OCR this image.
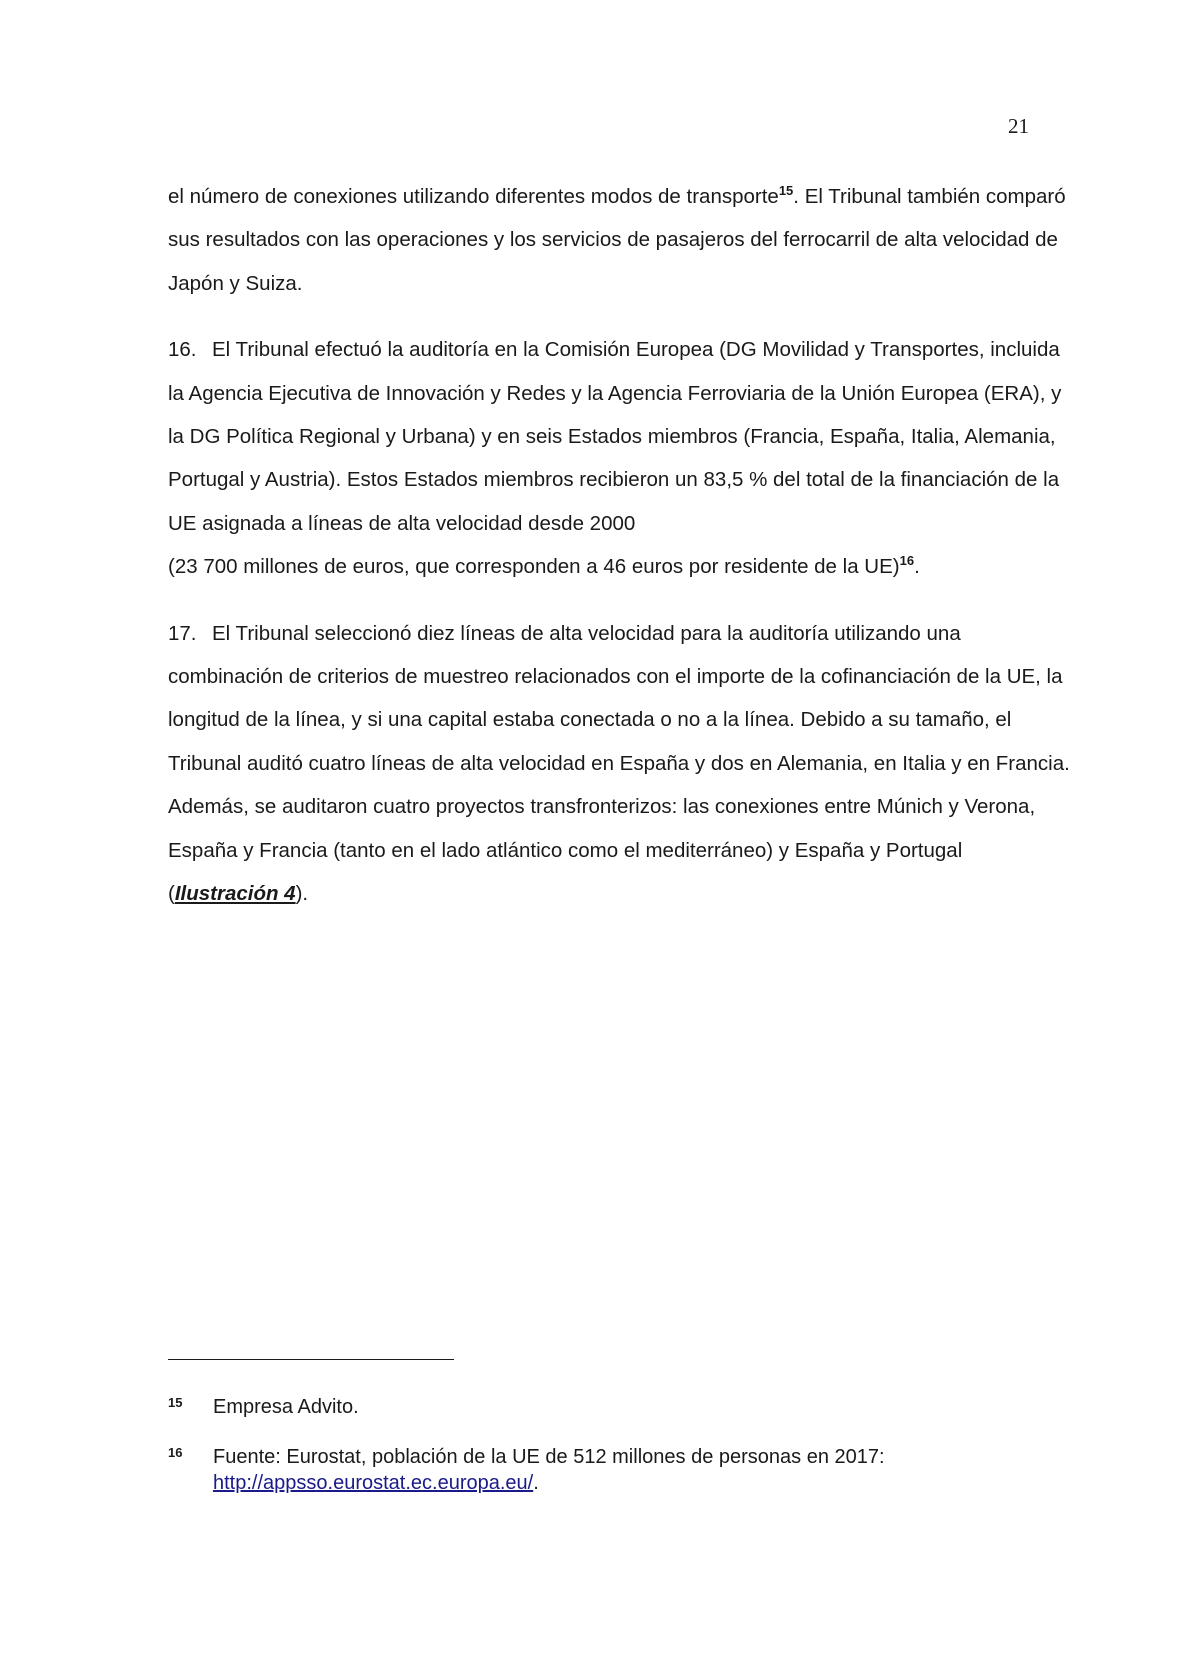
21

el número de conexiones utilizando diferentes modos de transporte$^{15}$. El Tribunal también comparó sus resultados con las operaciones y los servicios de pasajeros del ferrocarril de alta velocidad de Japón y Suiza.

16. El Tribunal efectuó la auditoría en la Comisión Europea (DG Movilidad y Transportes, incluida la Agencia Ejecutiva de Innovación y Redes y la Agencia Ferroviaria de la Unión Europea (ERA), y la DG Política Regional y Urbana) y en seis Estados miembros (Francia, España, Italia, Alemania, Portugal y Austria). Estos Estados miembros recibieron un 83,5 % del total de la financiación de la UE asignada a líneas de alta velocidad desde 2000
(23 700 millones de euros, que corresponden a 46 euros por residente de la UE)$^{16}$.

17. El Tribunal seleccionó diez líneas de alta velocidad para la auditoría utilizando una combinación de criterios de muestreo relacionados con el importe de la cofinanciación de la UE, la longitud de la línea, y si una capital estaba conectada o no a la línea. Debido a su tamaño, el Tribunal auditó cuatro líneas de alta velocidad en España y dos en Alemania, en Italia y en Francia. Además, se auditaron cuatro proyectos transfronterizos: las conexiones entre Múnich y Verona, España y Francia (tanto en el lado atlántico como el mediterráneo) y España y Portugal (Ilustración 4).

15 Empresa Advito.
16 Fuente: Eurostat, población de la UE de 512 millones de personas en 2017:
http://appsso.eurostat.ec.europa.eu/.
